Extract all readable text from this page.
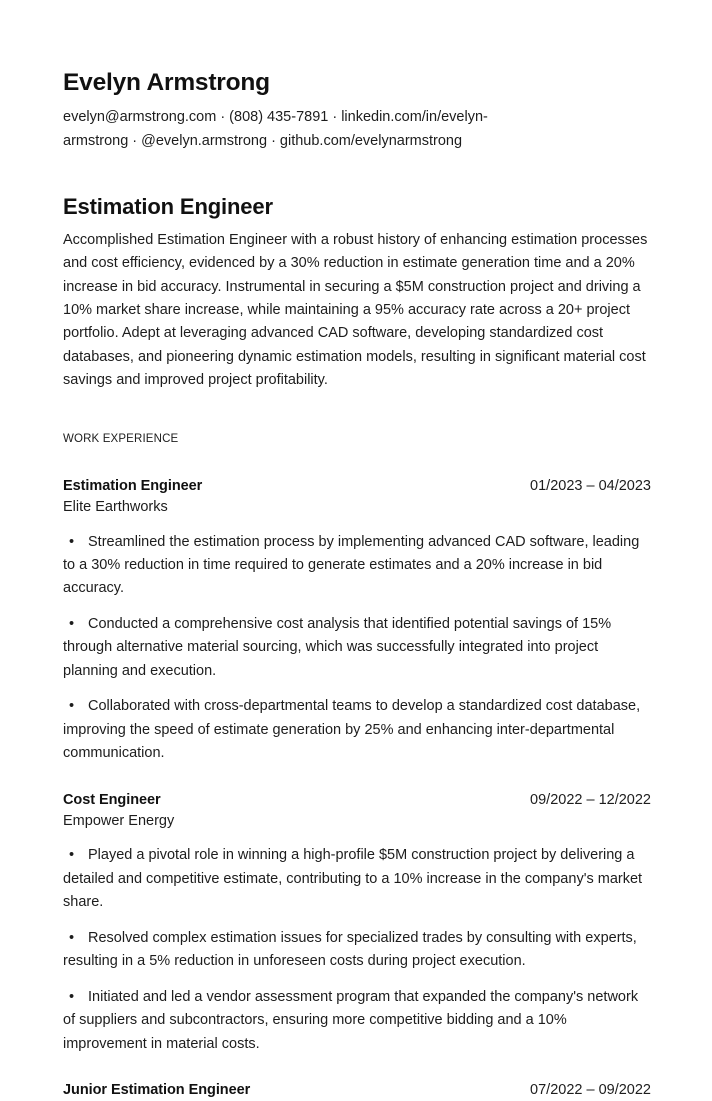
Evelyn Armstrong

evelyn@armstrong.com · (808) 435-7891 · linkedin.com/in/evelyn-armstrong · @evelyn.armstrong · github.com/evelynarmstrong

Estimation Engineer

Accomplished Estimation Engineer with a robust history of enhancing estimation processes and cost efficiency, evidenced by a 30% reduction in estimate generation time and a 20% increase in bid accuracy. Instrumental in securing a $5M construction project and driving a 10% market share increase, while maintaining a 95% accuracy rate across a 20+ project portfolio. Adept at leveraging advanced CAD software, developing standardized cost databases, and pioneering dynamic estimation models, resulting in significant material cost savings and improved project profitability.

WORK EXPERIENCE
Estimation Engineer	01/2023 – 04/2023
Elite Earthworks
• Streamlined the estimation process by implementing advanced CAD software, leading to a 30% reduction in time required to generate estimates and a 20% increase in bid accuracy.
• Conducted a comprehensive cost analysis that identified potential savings of 15% through alternative material sourcing, which was successfully integrated into project planning and execution.
• Collaborated with cross-departmental teams to develop a standardized cost database, improving the speed of estimate generation by 25% and enhancing inter-departmental communication.
Cost Engineer	09/2022 – 12/2022
Empower Energy
• Played a pivotal role in winning a high-profile $5M construction project by delivering a detailed and competitive estimate, contributing to a 10% increase in the company's market share.
• Resolved complex estimation issues for specialized trades by consulting with experts, resulting in a 5% reduction in unforeseen costs during project execution.
• Initiated and led a vendor assessment program that expanded the company's network of suppliers and subcontractors, ensuring more competitive bidding and a 10% improvement in material costs.
Junior Estimation Engineer	07/2022 – 09/2022
